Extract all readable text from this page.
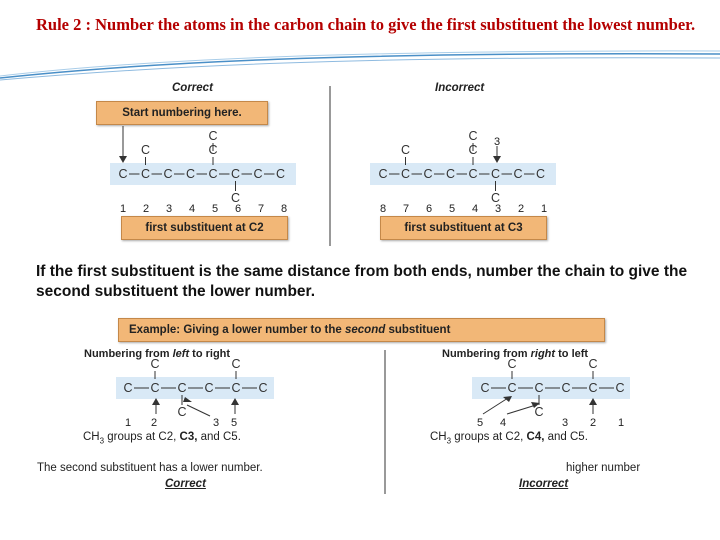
Rule 2 : Number the atoms in the carbon chain to give the first substituent the lowest number.
Correct	Incorrect
Start numbering here.
first substituent at C2	first substituent at C3
3
C C C C C C C C
C	C
C
C
C C C C C C C C
C	C
C
C
1 2 3 4 5 6 7 8	8 7 6 5 4 3 2 1
If the first substituent is the same distance from both ends, number the chain to give the second substituent the lower number.
Example: Giving a lower number to the second substituent
Numbering from left to right	Numbering from right to left
C C C C C C
C	C
C
C C C C C C
C	C
C
1 2	3 5	5 4	3 2 1
$CH_3$ groups at C2, C3, and C5.	$CH_3$ groups at C2, C4, and C5.
The second substituent has a lower number.	higher number
Correct	Incorrect
